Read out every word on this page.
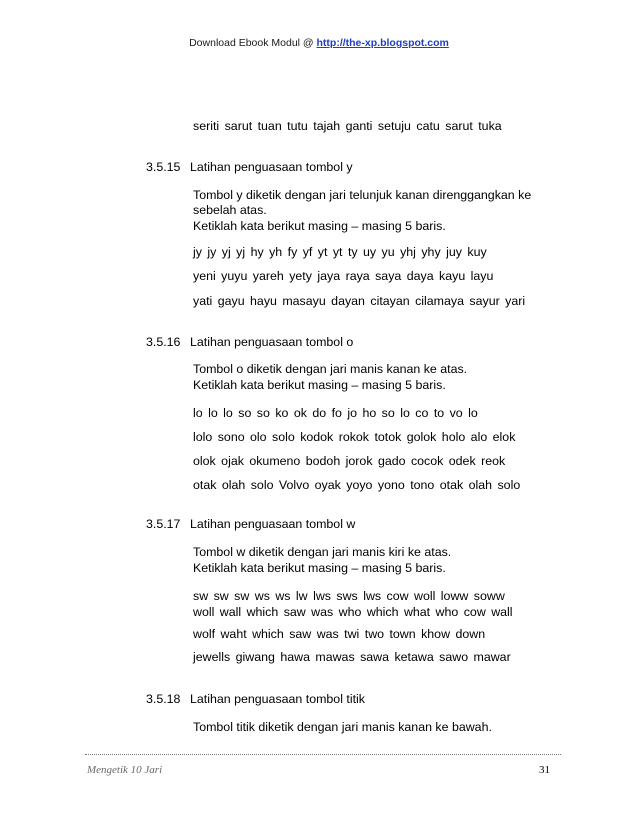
Download Ebook Modul @ http://the-xp.blogspot.com
seriti sarut tuan tutu tajah ganti setuju catu sarut tuka
3.5.15 Latihan penguasaan tombol y
Tombol y diketik dengan jari telunjuk kanan direnggangkan ke
sebelah atas.
Ketiklah kata berikut masing – masing 5 baris.
jy jy yj yj hy yh fy yf yt yt ty uy yu yhj yhy juy kuy
yeni yuyu yareh yety jaya raya saya daya kayu layu
yati gayu hayu masayu dayan citayan cilamaya sayur yari
3.5.16 Latihan penguasaan tombol o
Tombol o diketik dengan jari manis kanan ke atas.
Ketiklah kata berikut masing – masing 5 baris.
lo lo lo so so ko ok do fo jo ho so lo co to vo lo
lolo sono olo solo kodok rokok totok golok holo alo elok
olok ojak okumeno bodoh jorok gado cocok odek reok
otak olah solo Volvo oyak yoyo yono tono otak olah solo
3.5.17 Latihan penguasaan tombol w
Tombol w diketik dengan jari manis kiri ke atas.
Ketiklah kata berikut masing – masing 5 baris.
sw sw sw ws ws lw lws sws lws cow woll loww soww
woll wall which saw was who which what who cow wall
wolf waht which saw was twi two town khow down
jewells giwang hawa mawas sawa ketawa sawo mawar
3.5.18 Latihan penguasaan tombol titik
Tombol titik diketik dengan jari manis kanan ke bawah.
Mengetik 10 Jari	31
